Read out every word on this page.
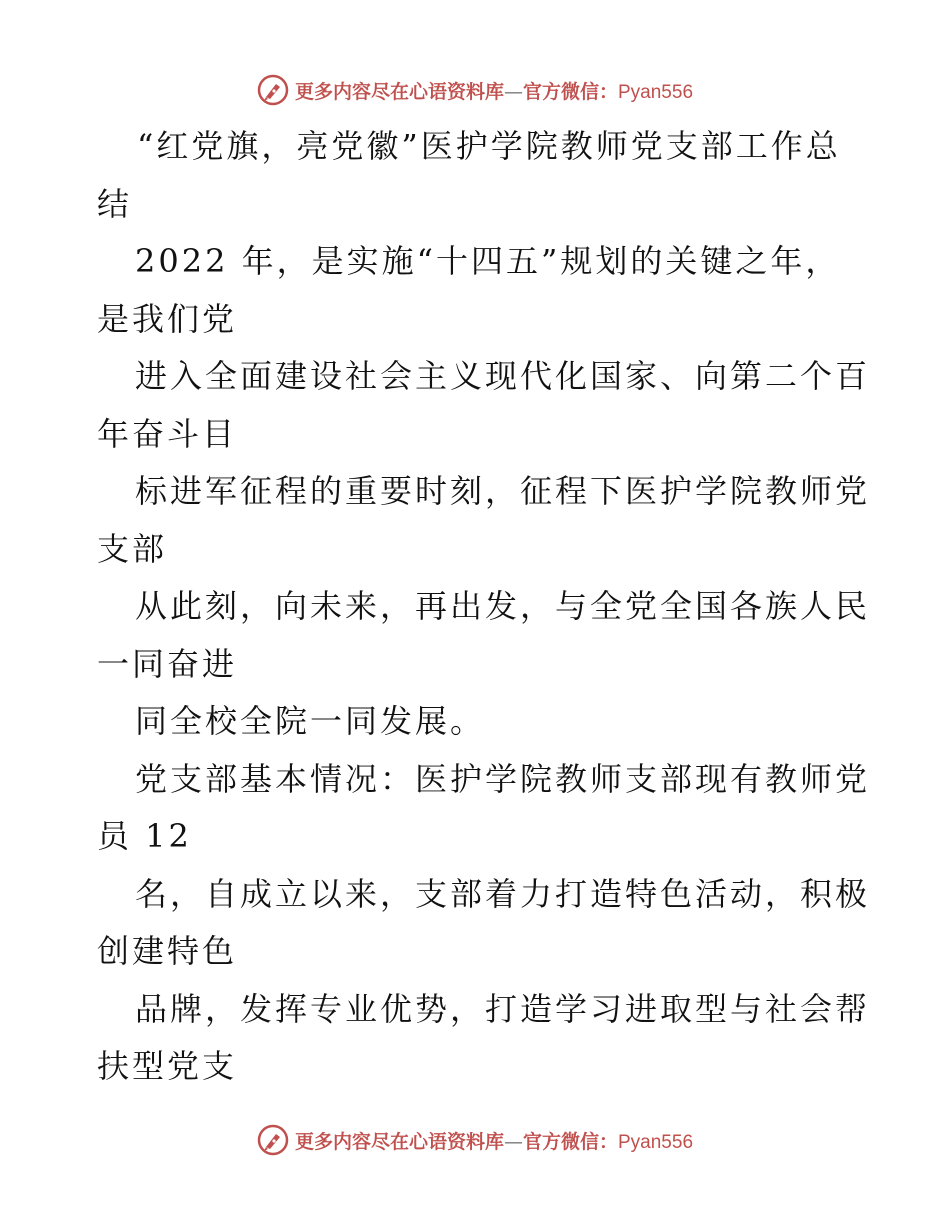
更多内容尽在心语资料库—官方微信：Pyan556
“红党旗，亮党徽”医护学院教师党支部工作总
结
2022 年，是实施“十四五”规划的关键之年，
是我们党
进入全面建设社会主义现代化国家、向第二个百
年奋斗目
标进军征程的重要时刻，征程下医护学院教师党
支部
从此刻，向未来，再出发，与全党全国各族人民
一同奋进
同全校全院一同发展。
党支部基本情况：医护学院教师支部现有教师党
员 12
名，自成立以来，支部着力打造特色活动，积极
创建特色
品牌，发挥专业优势，打造学习进取型与社会帮
扶型党支
更多内容尽在心语资料库—官方微信：Pyan556
